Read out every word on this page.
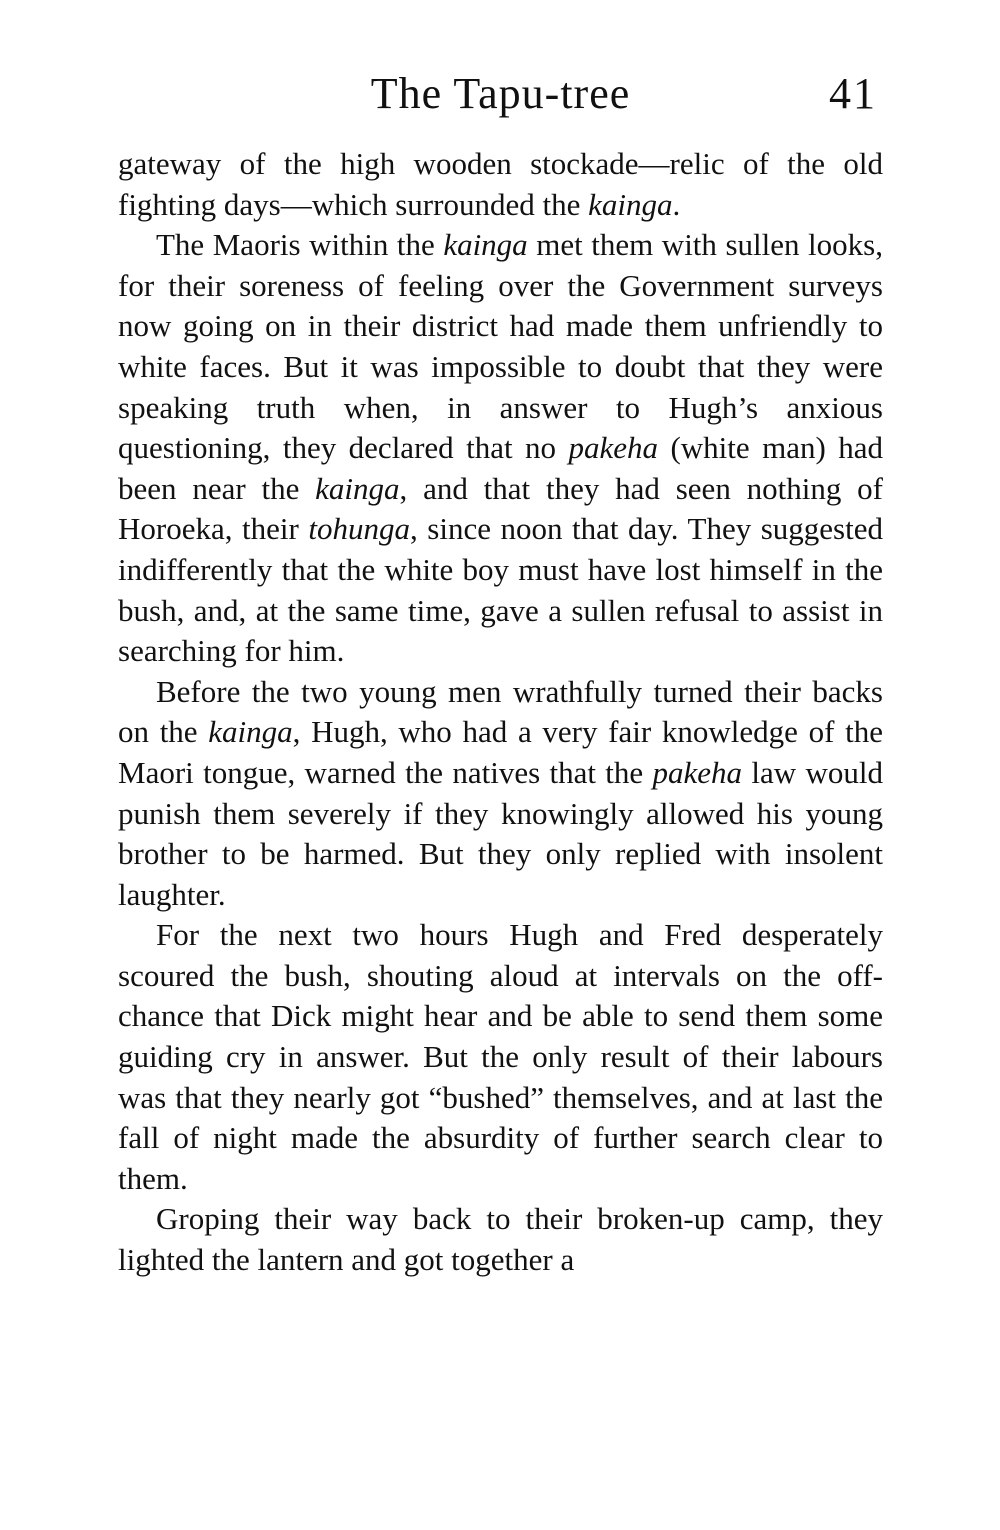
The Tapu-tree	41

gateway of the high wooden stockade—relic of the old fighting days—which surrounded the kainga.

The Maoris within the kainga met them with sullen looks, for their soreness of feeling over the Government surveys now going on in their district had made them unfriendly to white faces. But it was impossible to doubt that they were speaking truth when, in answer to Hugh’s anxious questioning, they declared that no pakeha (white man) had been near the kainga, and that they had seen nothing of Horoeka, their tohunga, since noon that day. They suggested indifferently that the white boy must have lost himself in the bush, and, at the same time, gave a sullen refusal to assist in searching for him.

Before the two young men wrathfully turned their backs on the kainga, Hugh, who had a very fair knowledge of the Maori tongue, warned the natives that the pakeha law would punish them severely if they knowingly allowed his young brother to be harmed. But they only replied with insolent laughter.

For the next two hours Hugh and Fred desperately scoured the bush, shouting aloud at intervals on the off-chance that Dick might hear and be able to send them some guiding cry in answer. But the only result of their labours was that they nearly got “bushed” themselves, and at last the fall of night made the absurdity of further search clear to them.

Groping their way back to their broken-up camp, they lighted the lantern and got together a
